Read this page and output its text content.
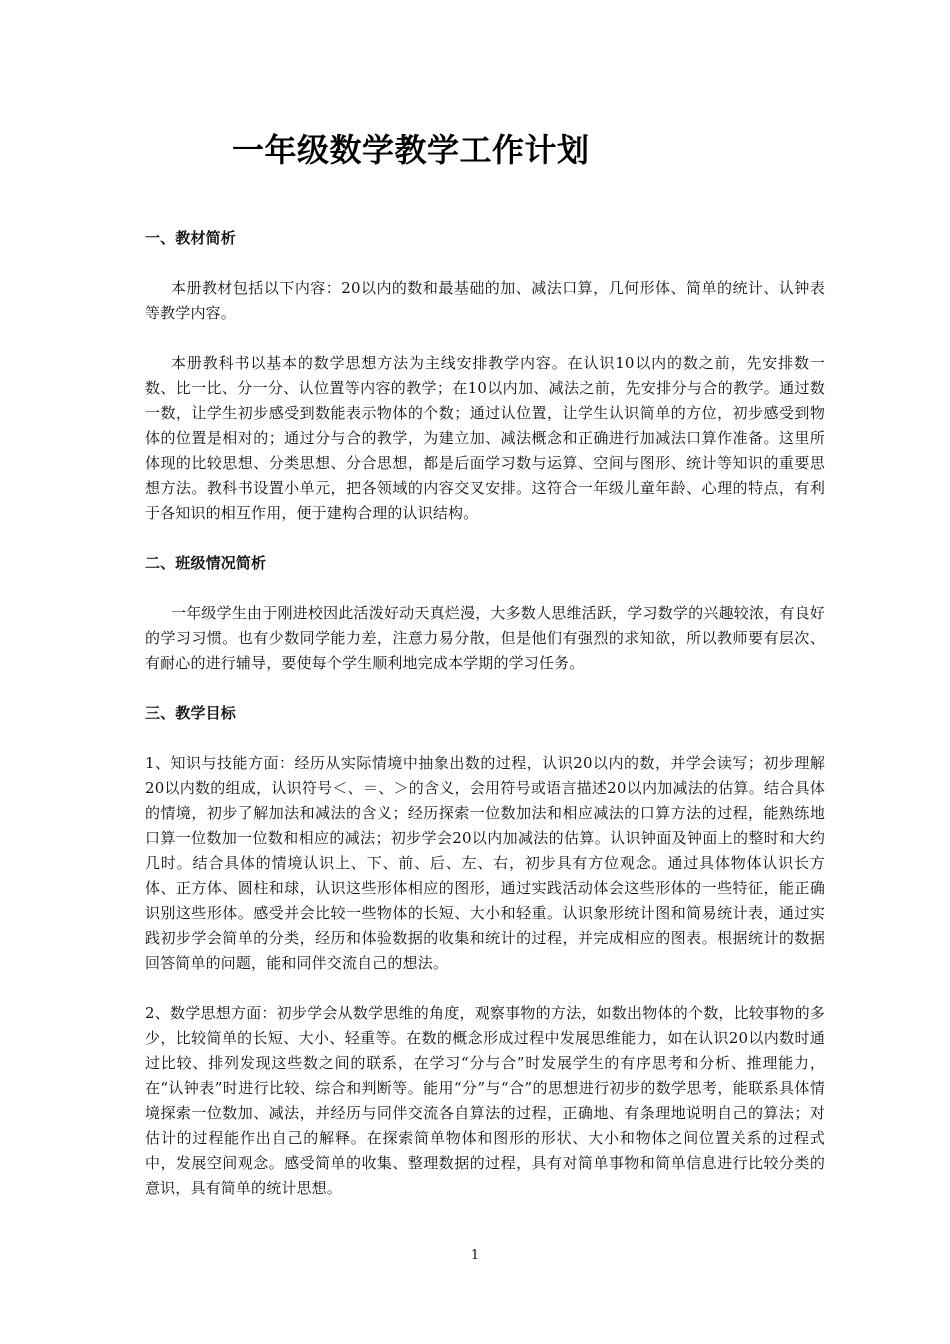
一年级数学教学工作计划

一、教材简析

本册教材包括以下内容：20以内的数和最基础的加、减法口算，几何形体、简单的统计、认钟表等教学内容。

本册教科书以基本的数学思想方法为主线安排教学内容。在认识10以内的数之前，先安排数一数、比一比、分一分、认位置等内容的教学；在10以内加、减法之前，先安排分与合的教学。通过数一数，让学生初步感受到数能表示物体的个数；通过认位置，让学生认识简单的方位，初步感受到物体的位置是相对的；通过分与合的教学，为建立加、减法概念和正确进行加减法口算作准备。这里所体现的比较思想、分类思想、分合思想，都是后面学习数与运算、空间与图形、统计等知识的重要思想方法。教科书设置小单元，把各领域的内容交叉安排。这符合一年级儿童年龄、心理的特点，有利于各知识的相互作用，便于建构合理的认识结构。

二、班级情况简析

一年级学生由于刚进校因此活泼好动天真烂漫，大多数人思维活跃，学习数学的兴趣较浓，有良好的学习习惯。也有少数同学能力差，注意力易分散，但是他们有强烈的求知欲，所以教师要有层次、有耐心的进行辅导，要使每个学生顺利地完成本学期的学习任务。

三、教学目标

1、知识与技能方面：经历从实际情境中抽象出数的过程，认识20以内的数，并学会读写；初步理解20以内数的组成，认识符号＜、＝、＞的含义，会用符号或语言描述20以内加减法的估算。结合具体的情境，初步了解加法和减法的含义；经历探索一位数加法和相应减法的口算方法的过程，能熟练地口算一位数加一位数和相应的减法；初步学会20以内加减法的估算。认识钟面及钟面上的整时和大约几时。结合具体的情境认识上、下、前、后、左、右，初步具有方位观念。通过具体物体认识长方体、正方体、圆柱和球，认识这些形体相应的图形，通过实践活动体会这些形体的一些特征，能正确识别这些形体。感受并会比较一些物体的长短、大小和轻重。认识象形统计图和简易统计表，通过实践初步学会简单的分类，经历和体验数据的收集和统计的过程，并完成相应的图表。根据统计的数据回答简单的问题，能和同伴交流自己的想法。

2、数学思想方面：初步学会从数学思维的角度，观察事物的方法，如数出物体的个数，比较事物的多少，比较简单的长短、大小、轻重等。在数的概念形成过程中发展思维能力，如在认识20以内数时通过比较、排列发现这些数之间的联系，在学习“分与合”时发展学生的有序思考和分析、推理能力，在“认钟表”时进行比较、综合和判断等。能用“分”与“合”的思想进行初步的数学思考，能联系具体情境探索一位数加、减法，并经历与同伴交流各自算法的过程，正确地、有条理地说明自己的算法；对估计的过程能作出自己的解释。在探索简单物体和图形的形状、大小和物体之间位置关系的过程式中，发展空间观念。感受简单的收集、整理数据的过程，具有对简单事物和简单信息进行比较分类的意识，具有简单的统计思想。

1
